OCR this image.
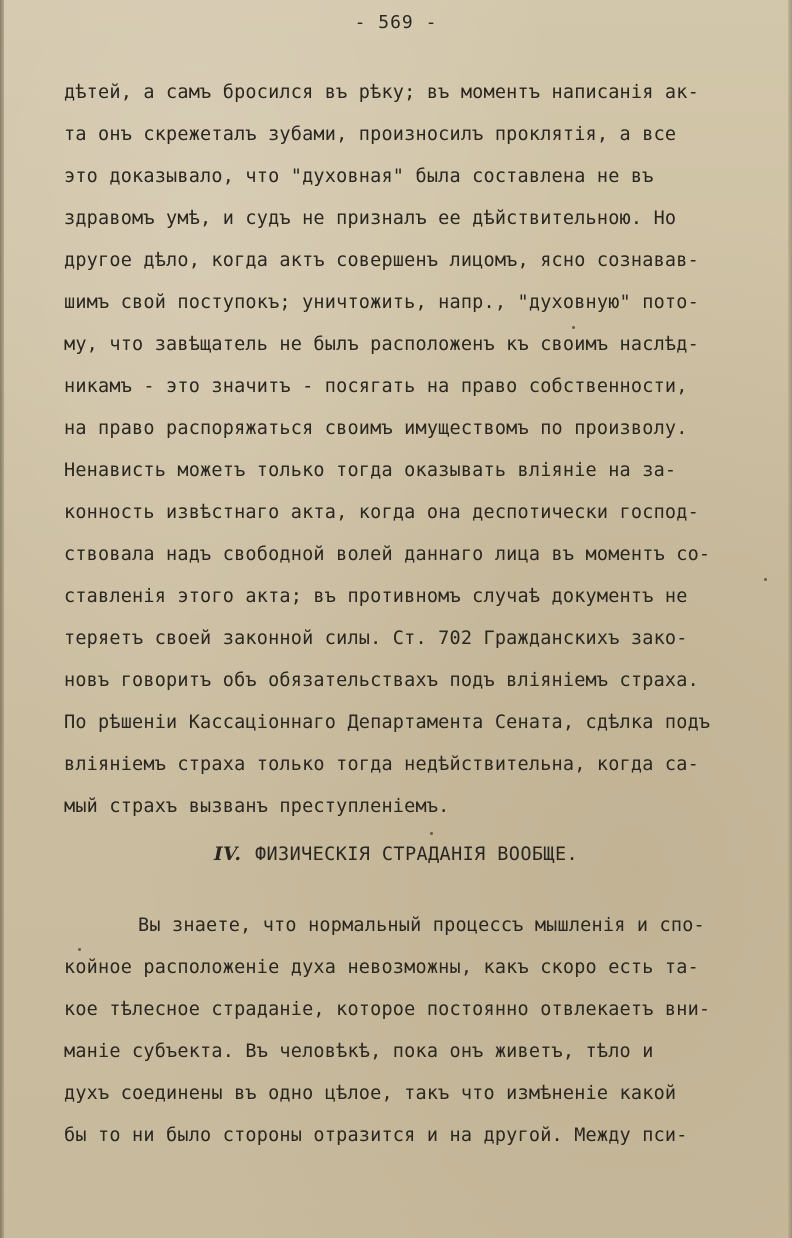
- 569 -
дѣтей, а самъ бросился въ рѣку; въ моментъ написанія ак-
та онъ скрежеталъ зубами, произносилъ проклятія, а все
это доказывало, что "духовная" была составлена не въ
здравомъ умѣ, и судъ не призналъ ее дѣйствительною. Но
другое дѣло, когда актъ совершенъ лицомъ, ясно сознавав-
шимъ свой поступокъ; уничтожить, напр., "духовную" пото-
му, что завѣщатель не былъ расположенъ къ своимъ наслѣд-
никамъ - это значитъ - посягать на право собственности,
на право распоряжаться своимъ имуществомъ по произволу.
Ненависть можетъ только тогда оказывать вліяніе на за-
конность извѣстнаго акта, когда она деспотически господ-
ствовала надъ свободной волей даннаго лица въ моментъ со-
ставленія этого акта; въ противномъ случаѣ документъ не
теряетъ своей законной силы. Ст. 702 Гражданскихъ зако-
новъ говоритъ объ обязательствахъ подъ вліяніемъ страха.
По рѣшеніи Кассаціоннаго Департамента Сената, сдѣлка подъ
вліяніемъ страха только тогда недѣйствительна, когда са-
мый страхъ вызванъ преступленіемъ.
IV. ФИЗИЧЕСКІЯ СТРАДАНІЯ ВООБЩЕ.
Вы знаете, что нормальный процессъ мышленія и спо-
койное расположеніе духа невозможны, какъ скоро есть та-
кое тѣлесное страданіе, которое постоянно отвлекаетъ вни-
маніе субъекта. Въ человѣкѣ, пока онъ живетъ, тѣло и
духъ соединены въ одно цѣлое, такъ что измѣненіе какой
бы то ни было стороны отразится и на другой. Между пси-
